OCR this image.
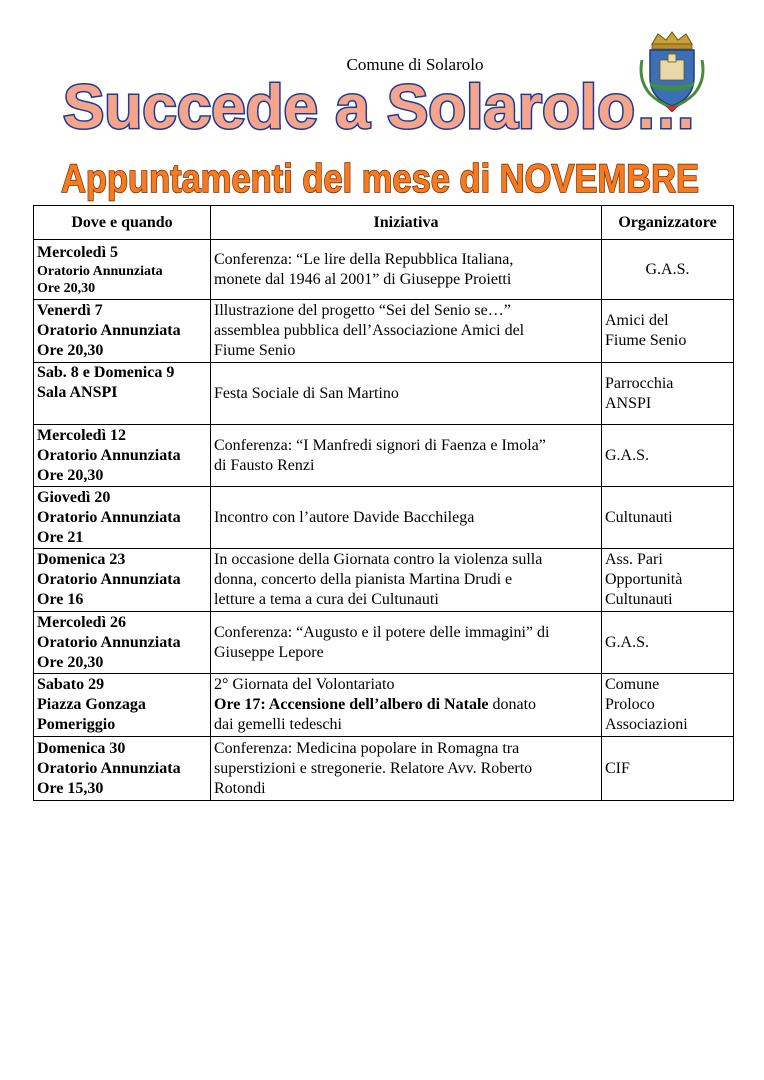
Comune di Solarolo
Succede a Solarolo…
Appuntamenti del mese di NOVEMBRE
Dove e quando	Iniziativa	Organizzatore

Mercoledì 5
Oratorio Annunziata
Ore 20,30	Conferenza: “Le lire della Repubblica Italiana,
monete dal 1946 al 2001” di Giuseppe Proietti	G.A.S.

Venerdì 7
Oratorio Annunziata
Ore 20,30	Illustrazione del progetto “Sei del Senio se…”
assemblea pubblica dell’Associazione Amici del
Fiume Senio	Amici del
Fiume Senio

Sab. 8 e Domenica 9
Sala ANSPI	Festa Sociale di San Martino	Parrocchia
ANSPI

Mercoledì 12
Oratorio Annunziata
Ore 20,30	Conferenza: “I Manfredi signori di Faenza e Imola”
di Fausto Renzi	G.A.S.

Giovedì 20
Oratorio Annunziata
Ore 21	Incontro con l’autore Davide Bacchilega	Cultunauti

Domenica 23
Oratorio Annunziata
Ore 16	In occasione della Giornata contro la violenza sulla
donna, concerto della pianista Martina Drudi e
letture a tema a cura dei Cultunauti	Ass. Pari
Opportunità
Cultunauti

Mercoledì 26
Oratorio Annunziata
Ore 20,30	Conferenza: “Augusto e il potere delle immagini” di
Giuseppe Lepore	G.A.S.

Sabato 29
Piazza Gonzaga
Pomeriggio	2° Giornata del Volontariato
Ore 17: Accensione dell’albero di Natale donato
dai gemelli tedeschi	Comune
Proloco
Associazioni

Domenica 30
Oratorio Annunziata
Ore 15,30	Conferenza: Medicina popolare in Romagna tra
superstizioni e stregonerie. Relatore Avv. Roberto
Rotondi	CIF
